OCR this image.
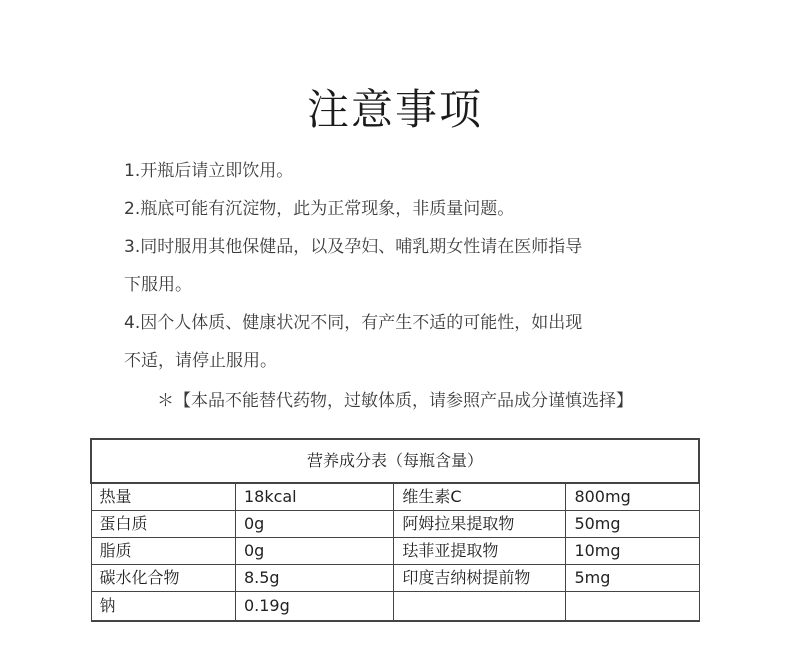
注意事项

1.开瓶后请立即饮用。

2.瓶底可能有沉淀物，此为正常现象，非质量问题。

3.同时服用其他保健品，以及孕妇、哺乳期女性请在医师指导
下服用。

4.因个人体质、健康状况不同，有产生不适的可能性，如出现
不适，请停止服用。

＊【本品不能替代药物，过敏体质，请参照产品成分谨慎选择】
营养成分表（每瓶含量）			
热量	18kcal	维生素C	800mg
蛋白质	0g	阿姆拉果提取物	50mg
脂质	0g	珐菲亚提取物	10mg
碳水化合物	8.5g	印度吉纳树提前物	5mg
钠	0.19g		
